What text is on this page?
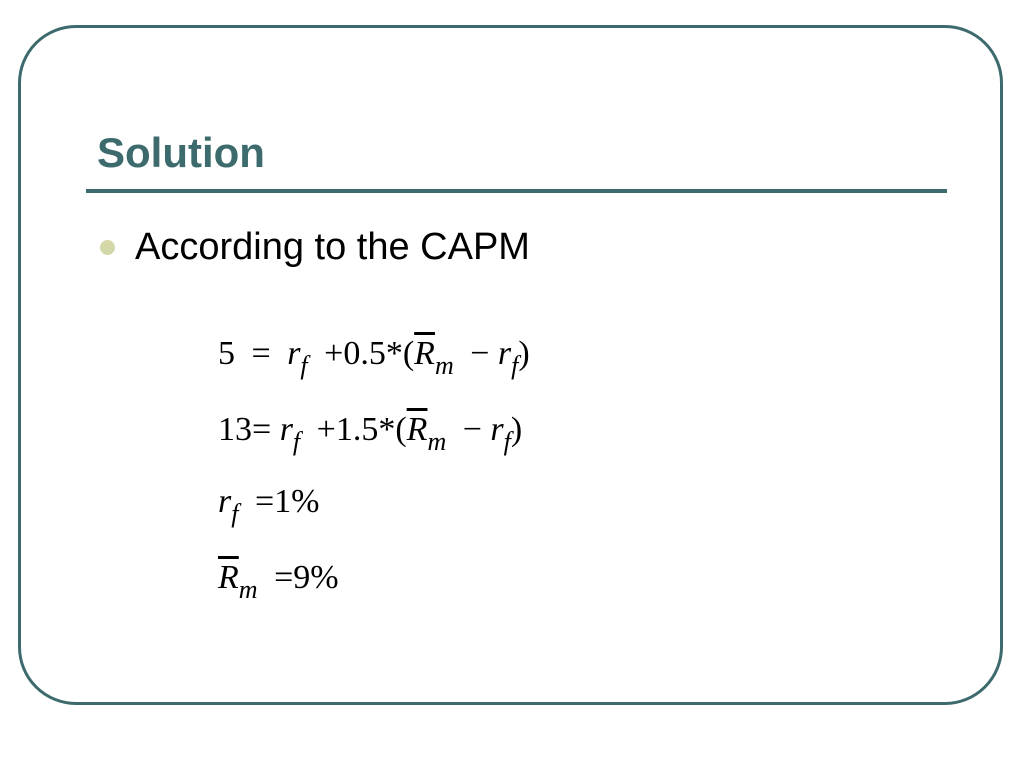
Solution
According to the CAPM
$5 = r_f +0.5*(\overline{R}_m - r_f)$
$13= r_f +1.5*(\overline{R}_m - r_f)$
$r_f =1\%$
$\overline{R}_m =9\%$
